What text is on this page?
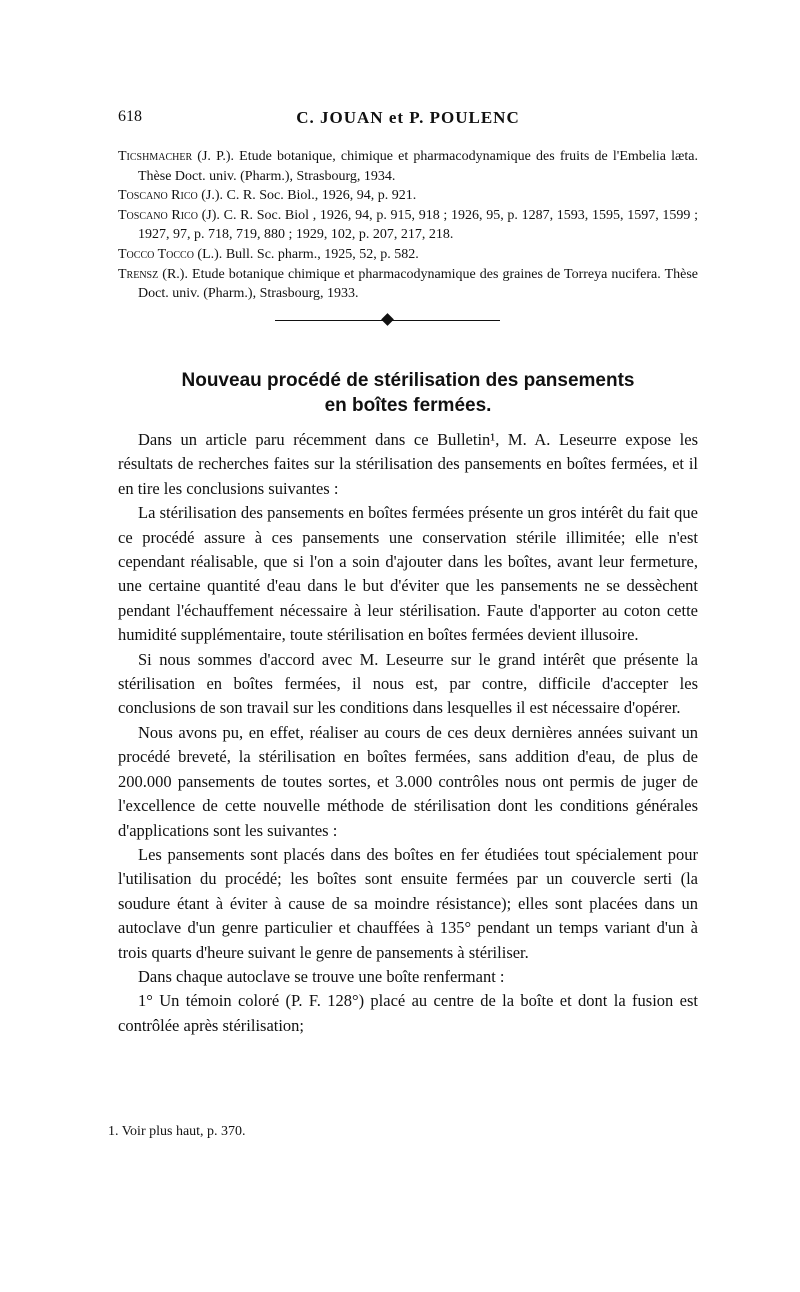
618	C. JOUAN et P. POULENC

Ticshmacher (J. P.). Etude botanique, chimique et pharmacodynamique des fruits de l'Embelia læta. Thèse Doct. univ. (Pharm.), Strasbourg, 1934.

Toscano Rico (J.). C. R. Soc. Biol., 1926, 94, p. 921.

Toscano Rico (J). C. R. Soc. Biol , 1926, 94, p. 915, 918 ; 1926, 95, p. 1287, 1593, 1595, 1597, 1599 ; 1927, 97, p. 718, 719, 880 ; 1929, 102, p. 207, 217, 218.

Tocco Tocco (L.). Bull. Sc. pharm., 1925, 52, p. 582.

Trensz (R.). Etude botanique chimique et pharmacodynamique des graines de Torreya nucifera. Thèse Doct. univ. (Pharm.), Strasbourg, 1933.

Nouveau procédé de stérilisation des pansements
en boîtes fermées.

Dans un article paru récemment dans ce Bulletin¹, M. A. Leseurre expose les résultats de recherches faites sur la stérilisation des pansements en boîtes fermées, et il en tire les conclusions suivantes :

La stérilisation des pansements en boîtes fermées présente un gros intérêt du fait que ce procédé assure à ces pansements une conservation stérile illimitée; elle n'est cependant réalisable, que si l'on a soin d'ajouter dans les boîtes, avant leur fermeture, une certaine quantité d'eau dans le but d'éviter que les pansements ne se dessèchent pendant l'échauffement nécessaire à leur stérilisation. Faute d'apporter au coton cette humidité supplémentaire, toute stérilisation en boîtes fermées devient illusoire.

Si nous sommes d'accord avec M. Leseurre sur le grand intérêt que présente la stérilisation en boîtes fermées, il nous est, par contre, difficile d'accepter les conclusions de son travail sur les conditions dans lesquelles il est nécessaire d'opérer.

Nous avons pu, en effet, réaliser au cours de ces deux dernières années suivant un procédé breveté, la stérilisation en boîtes fermées, sans addition d'eau, de plus de 200.000 pansements de toutes sortes, et 3.000 contrôles nous ont permis de juger de l'excellence de cette nouvelle méthode de stérilisation dont les conditions générales d'applications sont les suivantes :

Les pansements sont placés dans des boîtes en fer étudiées tout spécialement pour l'utilisation du procédé; les boîtes sont ensuite fermées par un couvercle serti (la soudure étant à éviter à cause de sa moindre résistance); elles sont placées dans un autoclave d'un genre particulier et chauffées à 135° pendant un temps variant d'un à trois quarts d'heure suivant le genre de pansements à stériliser.

Dans chaque autoclave se trouve une boîte renfermant :

1° Un témoin coloré (P. F. 128°) placé au centre de la boîte et dont la fusion est contrôlée après stérilisation;

1. Voir plus haut, p. 370.
